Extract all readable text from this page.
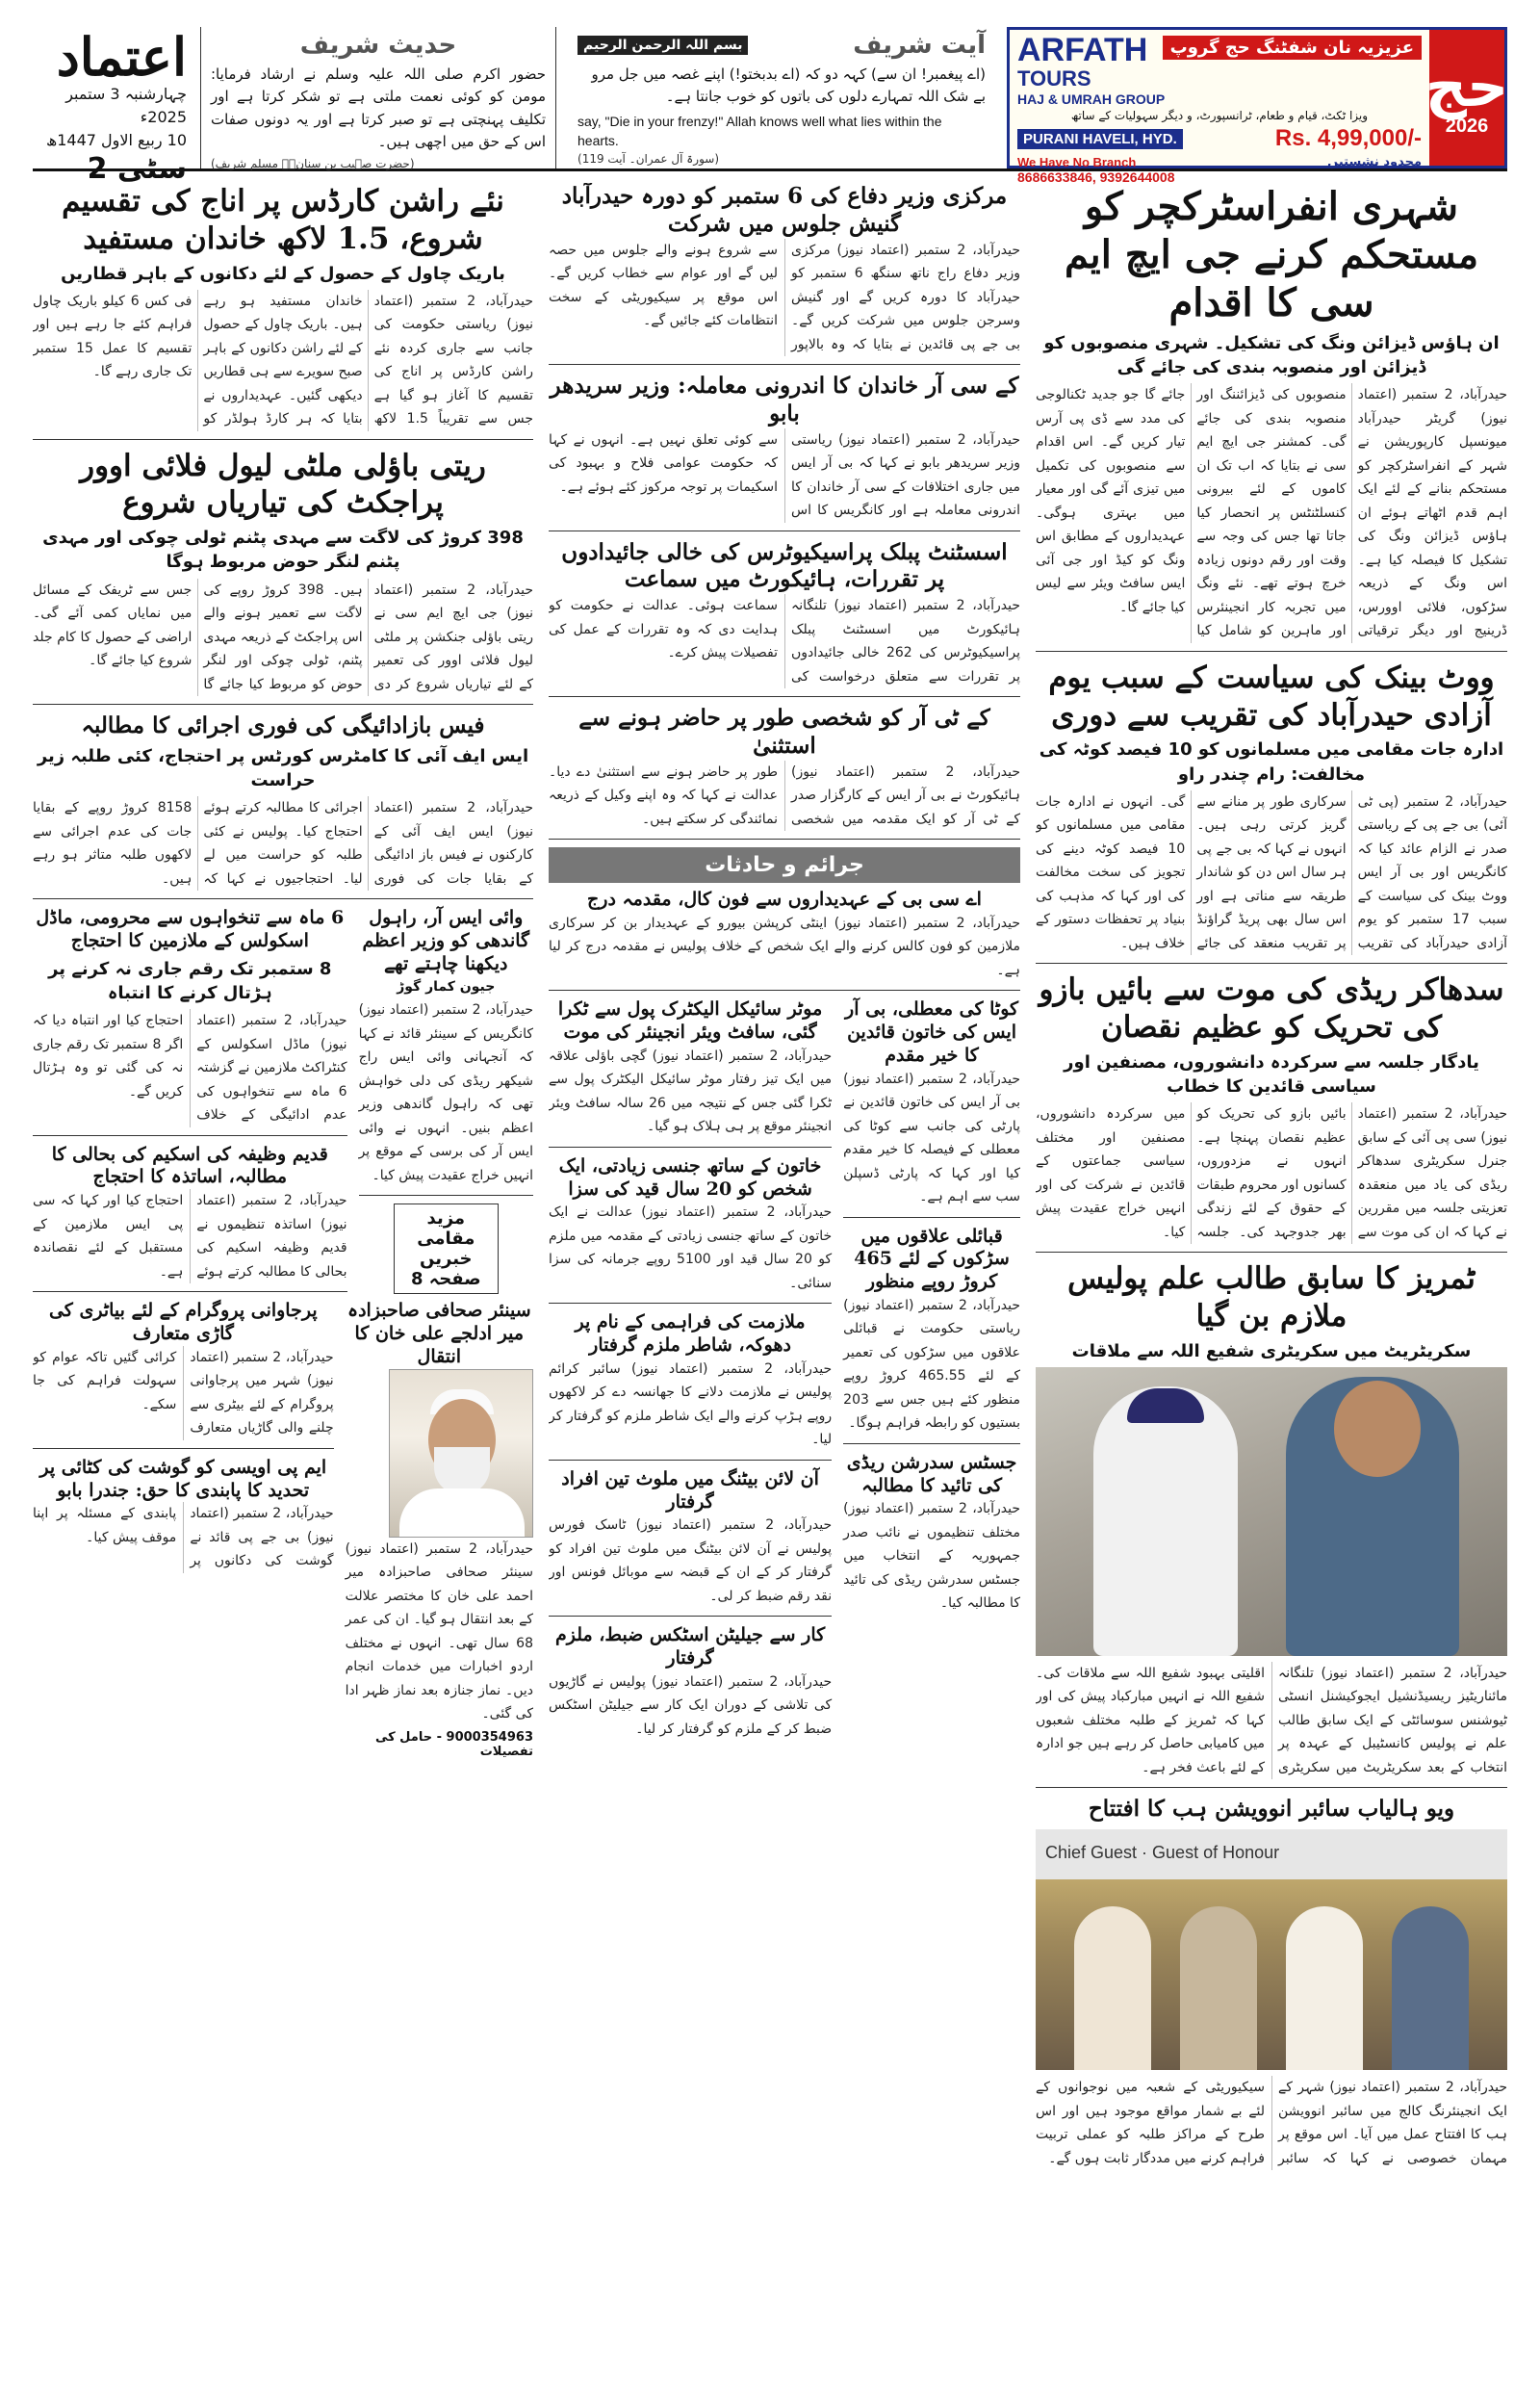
اعتماد
چہارشنبہ 3 ستمبر 2025ء
10 ربیع الاول 1447ھ
سٹی 2
حدیث شریف
حضور اکرم صلی اللہ علیہ وسلم نے ارشاد فرمایا: مومن کو کوئی نعمت ملتی ہے تو شکر کرتا ہے اور تکلیف پہنچتی ہے تو صبر کرتا ہے اور یہ دونوں صفات اس کے حق میں اچھی ہیں۔
(حضرت صہیب بن سنانؓ۔ مسلم شریف)
آیت شریف
بسم اللہ الرحمن الرحیم
(اے پیغمبر! ان سے) کہہ دو کہ (اے بدبختو!) اپنے غصہ میں جل مرو بے شک اللہ تمہارے دلوں کی باتوں کو خوب جانتا ہے۔
say, "Die in your frenzy!" Allah knows well what lies within the hearts.
(سورۃ آل عمران۔ آیت 119)
عزیزیہ نان شفٹنگ حج گروپ
ARFATH
TOURS
HAJ & UMRAH GROUP
ویزا ٹکٹ، قیام و طعام، ٹرانسپورٹ، و دیگر سہولیات کے ساتھ
PURANI HAVELI, HYD.	Rs. 4,99,000/-
We Have No Branch	محدود نشستیں
8686633846, 9392644008
حج
2026
شہری انفراسٹرکچر کو مستحکم کرنے جی ایچ ایم سی کا اقدام
ان ہاؤس ڈیزائن ونگ کی تشکیل۔ شہری منصوبوں کو ڈیزائن اور منصوبہ بندی کی جائے گی
حیدرآباد، 2 ستمبر (اعتماد نیوز) گریٹر حیدرآباد میونسپل کارپوریشن نے شہر کے انفراسٹرکچر کو مستحکم بنانے کے لئے ایک اہم قدم اٹھاتے ہوئے ان ہاؤس ڈیزائن ونگ کی تشکیل کا فیصلہ کیا ہے۔ اس ونگ کے ذریعہ سڑکوں، فلائی اوورس، ڈرینیج اور دیگر ترقیاتی منصوبوں کی ڈیزائننگ اور منصوبہ بندی کی جائے گی۔ کمشنر جی ایچ ایم سی نے بتایا کہ اب تک ان کاموں کے لئے بیرونی کنسلٹنٹس پر انحصار کیا جاتا تھا جس کی وجہ سے وقت اور رقم دونوں زیادہ خرچ ہوتے تھے۔ نئے ونگ میں تجربہ کار انجینئرس اور ماہرین کو شامل کیا جائے گا جو جدید ٹکنالوجی کی مدد سے ڈی پی آرس تیار کریں گے۔ اس اقدام سے منصوبوں کی تکمیل میں تیزی آئے گی اور معیار میں بہتری ہوگی۔ عہدیداروں کے مطابق اس ونگ کو کیڈ اور جی آئی ایس سافٹ ویئر سے لیس کیا جائے گا۔
ووٹ بینک کی سیاست کے سبب یوم آزادی حیدرآباد کی تقریب سے دوری
ادارہ جات مقامی میں مسلمانوں کو 10 فیصد کوٹہ کی مخالفت: رام چندر راو
حیدرآباد، 2 ستمبر (پی ٹی آئی) بی جے پی کے ریاستی صدر نے الزام عائد کیا کہ کانگریس اور بی آر ایس ووٹ بینک کی سیاست کے سبب 17 ستمبر کو یوم آزادی حیدرآباد کی تقریب سرکاری طور پر منانے سے گریز کرتی رہی ہیں۔ انہوں نے کہا کہ بی جے پی ہر سال اس دن کو شاندار طریقہ سے مناتی ہے اور اس سال بھی پریڈ گراؤنڈ پر تقریب منعقد کی جائے گی۔ انہوں نے ادارہ جات مقامی میں مسلمانوں کو 10 فیصد کوٹہ دینے کی تجویز کی سخت مخالفت کی اور کہا کہ مذہب کی بنیاد پر تحفظات دستور کے خلاف ہیں۔
سدھاکر ریڈی کی موت سے بائیں بازو کی تحریک کو عظیم نقصان
یادگار جلسہ سے سرکردہ دانشوروں، مصنفین اور سیاسی قائدین کا خطاب
حیدرآباد، 2 ستمبر (اعتماد نیوز) سی پی آئی کے سابق جنرل سکریٹری سدھاکر ریڈی کی یاد میں منعقدہ تعزیتی جلسہ میں مقررین نے کہا کہ ان کی موت سے بائیں بازو کی تحریک کو عظیم نقصان پہنچا ہے۔ انہوں نے مزدوروں، کسانوں اور محروم طبقات کے حقوق کے لئے زندگی بھر جدوجہد کی۔ جلسہ میں سرکردہ دانشوروں، مصنفین اور مختلف سیاسی جماعتوں کے قائدین نے شرکت کی اور انہیں خراج عقیدت پیش کیا۔
ٹمریز کا سابق طالب علم پولیس ملازم بن گیا
سکریٹریٹ میں سکریٹری شفیع اللہ سے ملاقات
حیدرآباد، 2 ستمبر (اعتماد نیوز) تلنگانہ مائناریٹیز ریسیڈنشیل ایجوکیشنل انسٹی ٹیوشنس سوسائٹی کے ایک سابق طالب علم نے پولیس کانسٹیبل کے عہدہ پر انتخاب کے بعد سکریٹریٹ میں سکریٹری اقلیتی بہبود شفیع اللہ سے ملاقات کی۔ شفیع اللہ نے انہیں مبارکباد پیش کی اور کہا کہ ٹمریز کے طلبہ مختلف شعبوں میں کامیابی حاصل کر رہے ہیں جو ادارہ کے لئے باعث فخر ہے۔
ویو ہالیاب سائبر انوویشن ہب کا افتتاح
Chief Guest · Guest of Honour
حیدرآباد، 2 ستمبر (اعتماد نیوز) شہر کے ایک انجینئرنگ کالج میں سائبر انوویشن ہب کا افتتاح عمل میں آیا۔ اس موقع پر مہمان خصوصی نے کہا کہ سائبر سیکیوریٹی کے شعبہ میں نوجوانوں کے لئے بے شمار مواقع موجود ہیں اور اس طرح کے مراکز طلبہ کو عملی تربیت فراہم کرنے میں مددگار ثابت ہوں گے۔
مرکزی وزیر دفاع کی 6 ستمبر کو دورہ حیدرآباد گنیش جلوس میں شرکت
حیدرآباد، 2 ستمبر (اعتماد نیوز) مرکزی وزیر دفاع راج ناتھ سنگھ 6 ستمبر کو حیدرآباد کا دورہ کریں گے اور گنیش وسرجن جلوس میں شرکت کریں گے۔ بی جے پی قائدین نے بتایا کہ وہ بالاپور سے شروع ہونے والے جلوس میں حصہ لیں گے اور عوام سے خطاب کریں گے۔ اس موقع پر سیکیوریٹی کے سخت انتظامات کئے جائیں گے۔
کے سی آر خاندان کا اندرونی معاملہ: وزیر سریدھر بابو
حیدرآباد، 2 ستمبر (اعتماد نیوز) ریاستی وزیر سریدھر بابو نے کہا کہ بی آر ایس میں جاری اختلافات کے سی آر خاندان کا اندرونی معاملہ ہے اور کانگریس کا اس سے کوئی تعلق نہیں ہے۔ انہوں نے کہا کہ حکومت عوامی فلاح و بہبود کی اسکیمات پر توجہ مرکوز کئے ہوئے ہے۔
اسسٹنٹ پبلک پراسیکیوٹرس کی خالی جائیدادوں پر تقررات، ہائیکورٹ میں سماعت
حیدرآباد، 2 ستمبر (اعتماد نیوز) تلنگانہ ہائیکورٹ میں اسسٹنٹ پبلک پراسیکیوٹرس کی 262 خالی جائیدادوں پر تقررات سے متعلق درخواست کی سماعت ہوئی۔ عدالت نے حکومت کو ہدایت دی کہ وہ تقررات کے عمل کی تفصیلات پیش کرے۔
کے ٹی آر کو شخصی طور پر حاضر ہونے سے استثنیٰ
حیدرآباد، 2 ستمبر (اعتماد نیوز) ہائیکورٹ نے بی آر ایس کے کارگزار صدر کے ٹی آر کو ایک مقدمہ میں شخصی طور پر حاضر ہونے سے استثنیٰ دے دیا۔ عدالت نے کہا کہ وہ اپنے وکیل کے ذریعہ نمائندگی کر سکتے ہیں۔
جرائم و حادثات
اے سی بی کے عہدیداروں سے فون کال، مقدمہ درج
حیدرآباد، 2 ستمبر (اعتماد نیوز) اینٹی کرپشن بیورو کے عہدیدار بن کر سرکاری ملازمین کو فون کالس کرنے والے ایک شخص کے خلاف پولیس نے مقدمہ درج کر لیا ہے۔
کوٹا کی معطلی، بی آر ایس کی خاتون قائدین کا خیر مقدم
حیدرآباد، 2 ستمبر (اعتماد نیوز) بی آر ایس کی خاتون قائدین نے پارٹی کی جانب سے کوٹا کی معطلی کے فیصلہ کا خیر مقدم کیا اور کہا کہ پارٹی ڈسپلن سب سے اہم ہے۔
قبائلی علاقوں میں سڑکوں کے لئے 465 کروڑ روپے منظور
حیدرآباد، 2 ستمبر (اعتماد نیوز) ریاستی حکومت نے قبائلی علاقوں میں سڑکوں کی تعمیر کے لئے 465.55 کروڑ روپے منظور کئے ہیں جس سے 203 بستیوں کو رابطہ فراہم ہوگا۔
جسٹس سدرشن ریڈی کی تائید کا مطالبہ
حیدرآباد، 2 ستمبر (اعتماد نیوز) مختلف تنظیموں نے نائب صدر جمہوریہ کے انتخاب میں جسٹس سدرشن ریڈی کی تائید کا مطالبہ کیا۔
موٹر سائیکل الیکٹرک پول سے ٹکرا گئی، سافٹ ویئر انجینئر کی موت
حیدرآباد، 2 ستمبر (اعتماد نیوز) گچی باؤلی علاقہ میں ایک تیز رفتار موٹر سائیکل الیکٹرک پول سے ٹکرا گئی جس کے نتیجہ میں 26 سالہ سافٹ ویئر انجینئر موقع پر ہی ہلاک ہو گیا۔
خاتون کے ساتھ جنسی زیادتی، ایک شخص کو 20 سال قید کی سزا
حیدرآباد، 2 ستمبر (اعتماد نیوز) عدالت نے ایک خاتون کے ساتھ جنسی زیادتی کے مقدمہ میں ملزم کو 20 سال قید اور 5100 روپے جرمانہ کی سزا سنائی۔
ملازمت کی فراہمی کے نام پر دھوکہ، شاطر ملزم گرفتار
حیدرآباد، 2 ستمبر (اعتماد نیوز) سائبر کرائم پولیس نے ملازمت دلانے کا جھانسہ دے کر لاکھوں روپے ہڑپ کرنے والے ایک شاطر ملزم کو گرفتار کر لیا۔
آن لائن بیٹنگ میں ملوث تین افراد گرفتار
حیدرآباد، 2 ستمبر (اعتماد نیوز) ٹاسک فورس پولیس نے آن لائن بیٹنگ میں ملوث تین افراد کو گرفتار کر کے ان کے قبضہ سے موبائل فونس اور نقد رقم ضبط کر لی۔
کار سے جیلیٹن اسٹکس ضبط، ملزم گرفتار
حیدرآباد، 2 ستمبر (اعتماد نیوز) پولیس نے گاڑیوں کی تلاشی کے دوران ایک کار سے جیلیٹن اسٹکس ضبط کر کے ملزم کو گرفتار کر لیا۔
نئے راشن کارڈس پر اناج کی تقسیم شروع، 1.5 لاکھ خاندان مستفید
باریک چاول کے حصول کے لئے دکانوں کے باہر قطاریں
حیدرآباد، 2 ستمبر (اعتماد نیوز) ریاستی حکومت کی جانب سے جاری کردہ نئے راشن کارڈس پر اناج کی تقسیم کا آغاز ہو گیا ہے جس سے تقریباً 1.5 لاکھ خاندان مستفید ہو رہے ہیں۔ باریک چاول کے حصول کے لئے راشن دکانوں کے باہر صبح سویرے سے ہی قطاریں دیکھی گئیں۔ عہدیداروں نے بتایا کہ ہر کارڈ ہولڈر کو فی کس 6 کیلو باریک چاول فراہم کئے جا رہے ہیں اور تقسیم کا عمل 15 ستمبر تک جاری رہے گا۔
ریتی باؤلی ملٹی لیول فلائی اوور پراجکٹ کی تیاریاں شروع
398 کروڑ کی لاگت سے مہدی پٹنم ٹولی چوکی اور مہدی پٹنم لنگر حوض مربوط ہوگا
حیدرآباد، 2 ستمبر (اعتماد نیوز) جی ایچ ایم سی نے ریتی باؤلی جنکشن پر ملٹی لیول فلائی اوور کی تعمیر کے لئے تیاریاں شروع کر دی ہیں۔ 398 کروڑ روپے کی لاگت سے تعمیر ہونے والے اس پراجکٹ کے ذریعہ مہدی پٹنم، ٹولی چوکی اور لنگر حوض کو مربوط کیا جائے گا جس سے ٹریفک کے مسائل میں نمایاں کمی آئے گی۔ اراضی کے حصول کا کام جلد شروع کیا جائے گا۔
فیس بازادائیگی کی فوری اجرائی کا مطالبہ
ایس ایف آئی کا کامٹرس کورٹس پر احتجاج، کئی طلبہ زیر حراست
حیدرآباد، 2 ستمبر (اعتماد نیوز) ایس ایف آئی کے کارکنوں نے فیس باز ادائیگی کے بقایا جات کی فوری اجرائی کا مطالبہ کرتے ہوئے احتجاج کیا۔ پولیس نے کئی طلبہ کو حراست میں لے لیا۔ احتجاجیوں نے کہا کہ 8158 کروڑ روپے کے بقایا جات کی عدم اجرائی سے لاکھوں طلبہ متاثر ہو رہے ہیں۔
وائی ایس آر، راہول گاندھی کو وزیر اعظم دیکھنا چاہتے تھے
جیون کمار گوڑ
حیدرآباد، 2 ستمبر (اعتماد نیوز) کانگریس کے سینئر قائد نے کہا کہ آنجہانی وائی ایس راج شیکھر ریڈی کی دلی خواہش تھی کہ راہول گاندھی وزیر اعظم بنیں۔ انہوں نے وائی ایس آر کی برسی کے موقع پر انہیں خراج عقیدت پیش کیا۔
مزید مقامی خبریں صفحہ 8
6 ماہ سے تنخواہوں سے محرومی، ماڈل اسکولس کے ملازمین کا احتجاج
8 ستمبر تک رقم جاری نہ کرنے پر ہڑتال کرنے کا انتباہ
حیدرآباد، 2 ستمبر (اعتماد نیوز) ماڈل اسکولس کے کنٹراکٹ ملازمین نے گزشتہ 6 ماہ سے تنخواہوں کی عدم ادائیگی کے خلاف احتجاج کیا اور انتباہ دیا کہ اگر 8 ستمبر تک رقم جاری نہ کی گئی تو وہ ہڑتال کریں گے۔
قدیم وظیفہ کی اسکیم کی بحالی کا مطالبہ، اساتذہ کا احتجاج
حیدرآباد، 2 ستمبر (اعتماد نیوز) اساتذہ تنظیموں نے قدیم وظیفہ اسکیم کی بحالی کا مطالبہ کرتے ہوئے احتجاج کیا اور کہا کہ سی پی ایس ملازمین کے مستقبل کے لئے نقصاندہ ہے۔
سینئر صحافی صاحبزادہ میر ادلجے علی خان کا انتقال
حیدرآباد، 2 ستمبر (اعتماد نیوز) سینئر صحافی صاحبزادہ میر احمد علی خان کا مختصر علالت کے بعد انتقال ہو گیا۔ ان کی عمر 68 سال تھی۔ انہوں نے مختلف اردو اخبارات میں خدمات انجام دیں۔ نماز جنازہ بعد نماز ظہر ادا کی گئی۔
9000354963 - حامل کی تفصیلات
پرجاوانی پروگرام کے لئے بیاٹری کی گاڑی متعارف
حیدرآباد، 2 ستمبر (اعتماد نیوز) شہر میں پرجاوانی پروگرام کے لئے بیٹری سے چلنے والی گاڑیاں متعارف کرائی گئیں تاکہ عوام کو سہولت فراہم کی جا سکے۔
ایم پی اویسی کو گوشت کی کٹائی پر تحدید کا پابندی کا حق: جندرا بابو
حیدرآباد، 2 ستمبر (اعتماد نیوز) بی جے پی قائد نے گوشت کی دکانوں پر پابندی کے مسئلہ پر اپنا موقف پیش کیا۔
